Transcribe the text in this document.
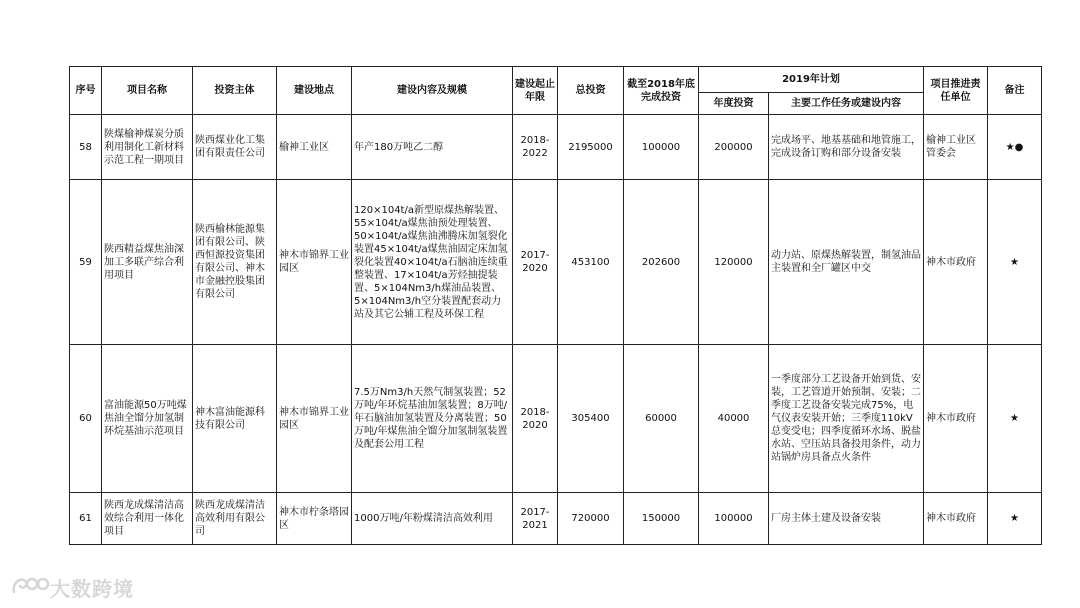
序号	项目名称	投资主体	建设地点	建设内容及规模	建设起止年限	总投资	截至2018年底完成投资	2019年计划		项目推进责任单位	备注
								年度投资	主要工作任务或建设内容		
58	陕煤榆神煤炭分质利用制化工新材料示范工程一期项目	陕西煤业化工集团有限责任公司	榆神工业区	年产180万吨乙二醇	2018-2022	2195000	100000	200000	完成场平、地基基础和地管施工，完成设备订购和部分设备安装	榆神工业区管委会	★●
59	陕西精益煤焦油深加工多联产综合利用项目	陕西榆林能源集团有限公司、陕西恒源投资集团有限公司、神木市金融控股集团有限公司	神木市锦界工业园区	120×104t/a新型原煤热解装置、55×104t/a煤焦油预处理装置、50×104t/a煤焦油沸腾床加氢裂化装置45×104t/a煤焦油固定床加氢裂化装置40×104t/a石脑油连续重整装置、17×104t/a芳烃抽提装置、5×104Nm3/h煤油品装置、5×104Nm3/h空分装置配套动力站及其它公辅工程及环保工程	2017-2020	453100	202600	120000	动力站、原煤热解装置，制氢油品主装置和全厂罐区中交	神木市政府	★
60	富油能源50万吨煤焦油全馏分加氢制环烷基油示范项目	神木富油能源科技有限公司	神木市锦界工业园区	7.5万Nm3/h天然气制氢装置；52万吨/年环烷基油加氢装置；8万吨/年石脑油加氢装置及分离装置；50万吨/年煤焦油全馏分加氢制氢装置及配套公用工程	2018-2020	305400	60000	40000	一季度部分工艺设备开始到货、安装，工艺管道开始预制、安装；二季度工艺设备安装完成75%，电气仪表安装开始；三季度110kV总变受电；四季度循环水场、脱盐水站、空压站具备投用条件，动力站锅炉房具备点火条件	神木市政府	★
61	陕西龙成煤清洁高效综合利用一体化项目	陕西龙成煤清洁高效利用有限公司	神木市柠条塔园区	1000万吨/年粉煤清洁高效利用	2017-2021	720000	150000	100000	厂房主体土建及设备安装	神木市政府	★
大数跨境
